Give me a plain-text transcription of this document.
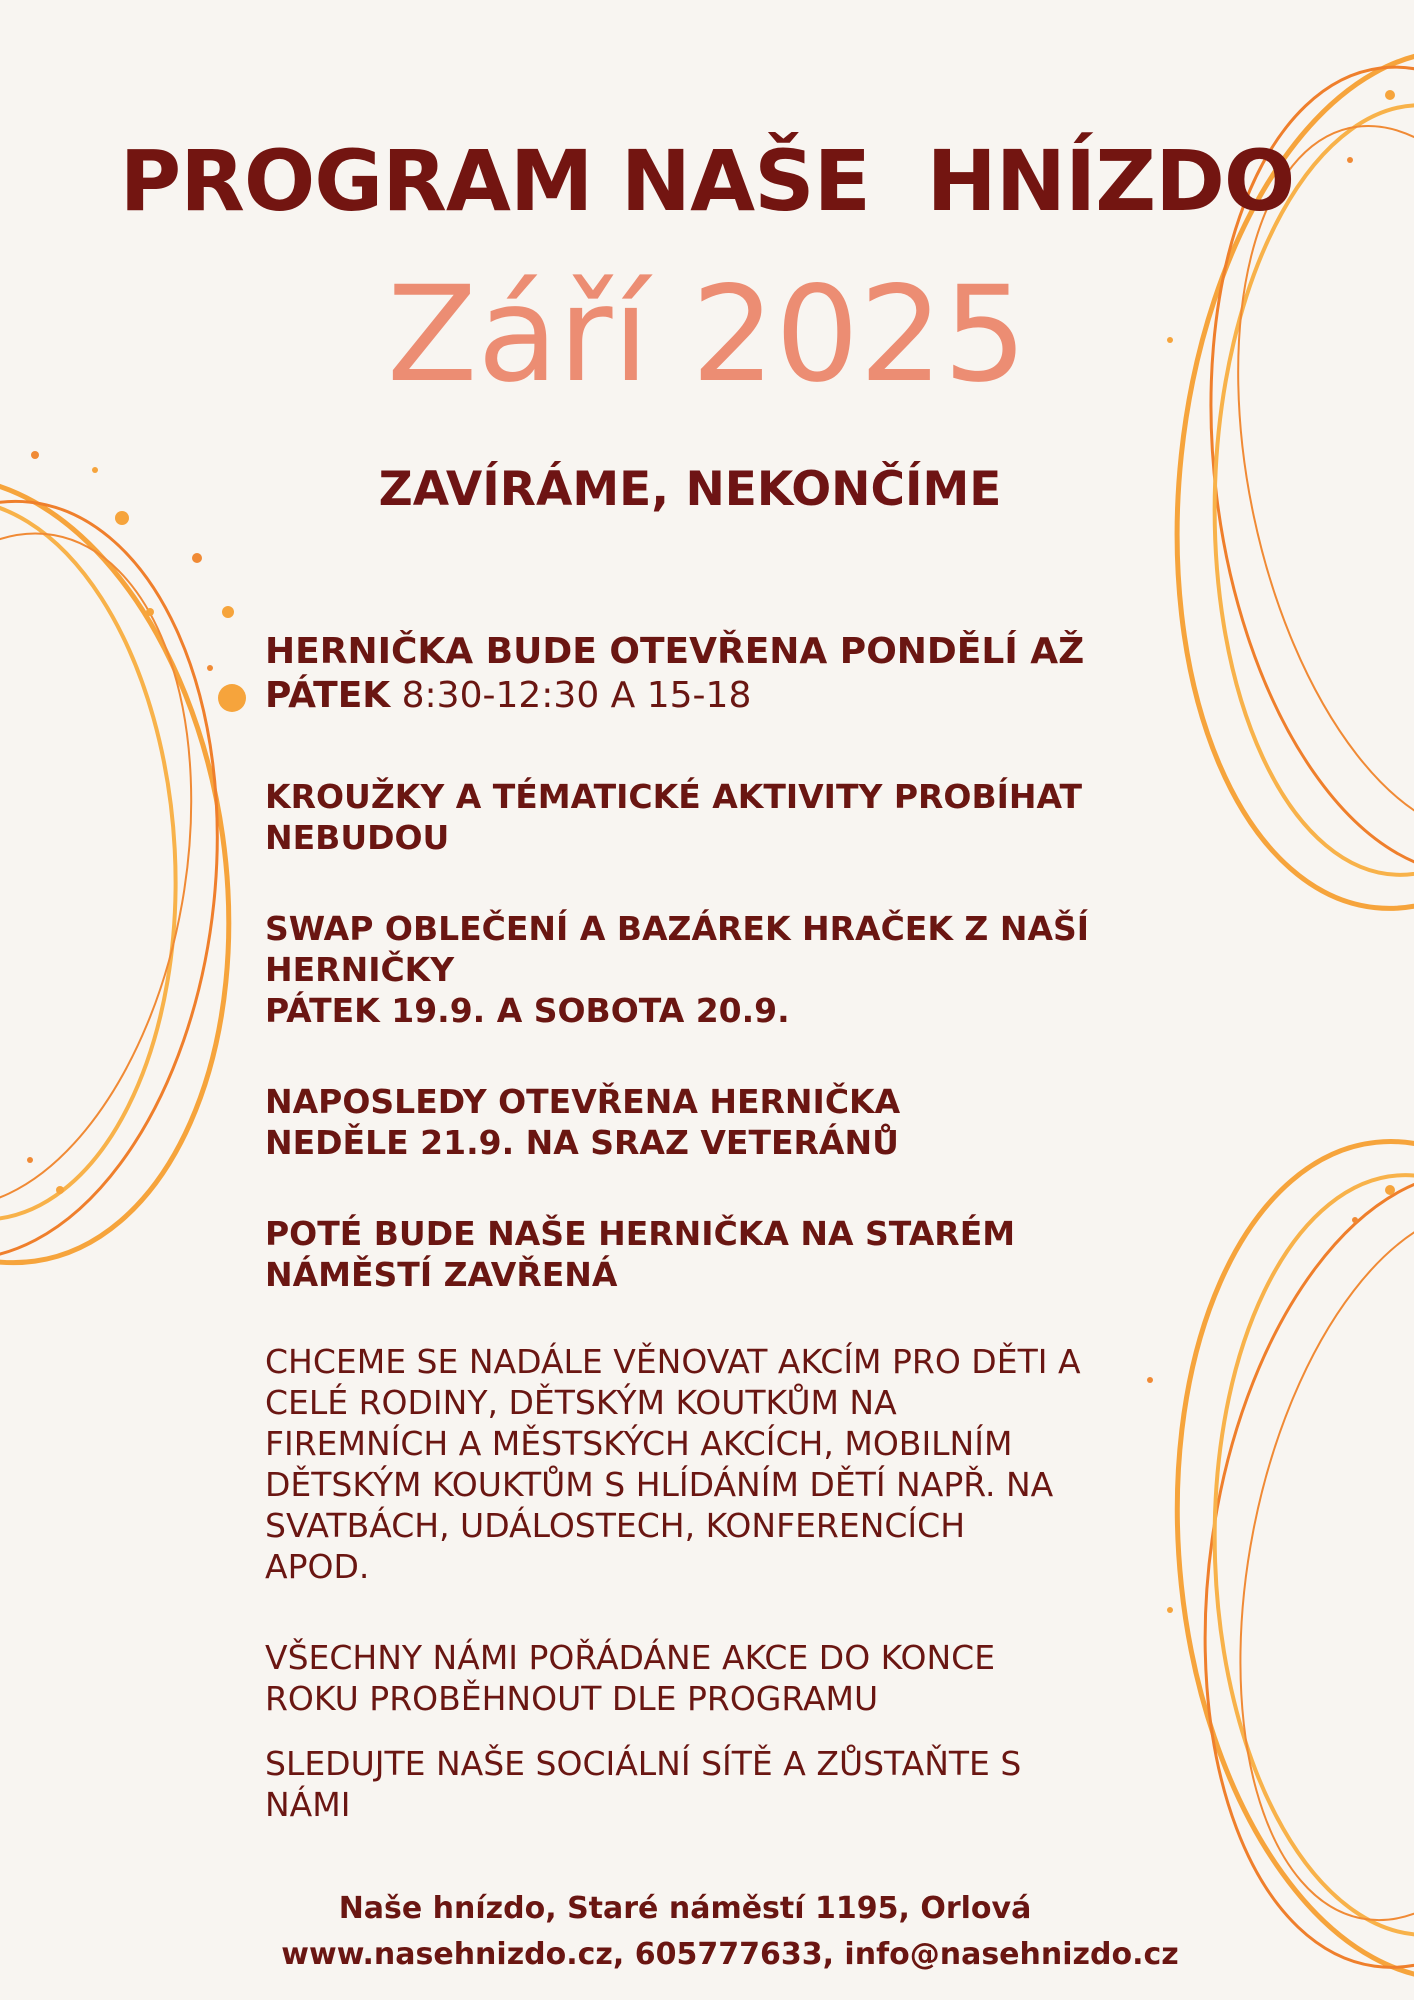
PROGRAM NAŠE  HNÍZDO
Září 2025
ZAVÍRÁME, NEKONČÍME
HERNIČKA BUDE OTEVŘENA PONDĚLÍ AŽ
PÁTEK 8:30-12:30 A 15-18
KROUŽKY A TÉMATICKÉ AKTIVITY PROBÍHAT
NEBUDOU
SWAP OBLEČENÍ A BAZÁREK HRAČEK Z NAŠÍ
HERNIČKY
PÁTEK 19.9. A SOBOTA 20.9.
NAPOSLEDY OTEVŘENA HERNIČKA
NEDĚLE 21.9. NA SRAZ VETERÁNŮ
POTÉ BUDE NAŠE HERNIČKA NA STARÉM
NÁMĚSTÍ ZAVŘENÁ
CHCEME SE NADÁLE VĚNOVAT AKCÍM PRO DĚTI A
CELÉ RODINY, DĚTSKÝM KOUTKŮM NA
FIREMNÍCH A MĚSTSKÝCH AKCÍCH, MOBILNÍM
DĚTSKÝM KOUKTŮM S HLÍDÁNÍM DĚTÍ NAPŘ. NA
SVATBÁCH, UDÁLOSTECH, KONFERENCÍCH
APOD.
VŠECHNY NÁMI POŘÁDÁNE AKCE DO KONCE
ROKU PROBĚHNOUT DLE PROGRAMU
SLEDUJTE NAŠE SOCIÁLNÍ SÍTĚ A ZŮSTAŇTE S
NÁMI
Naše hnízdo, Staré náměstí 1195, Orlová
www.nasehnizdo.cz, 605777633, info@nasehnizdo.cz
